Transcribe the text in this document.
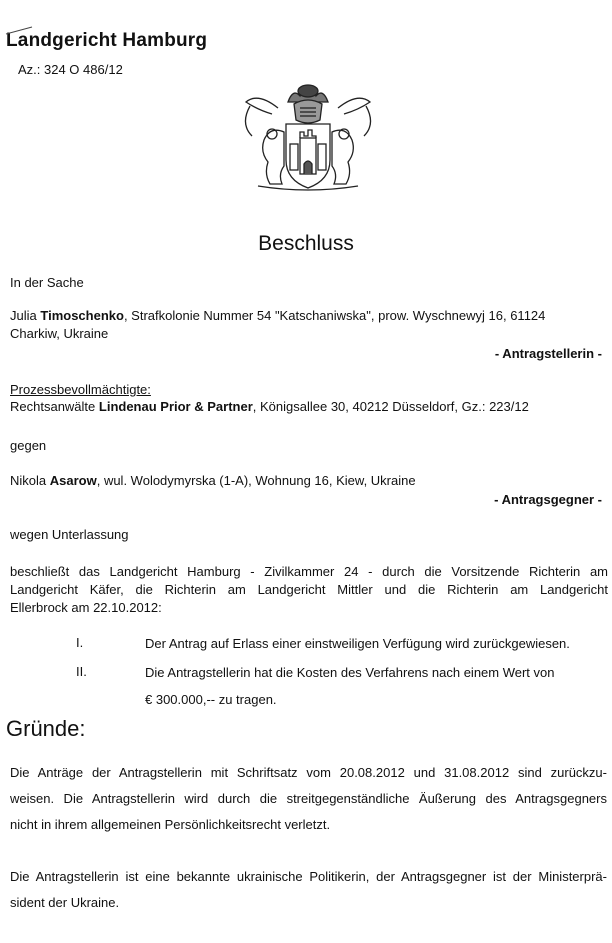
Landgericht Hamburg
Az.: 324 O 486/12
Beschluss
In der Sache
Julia Timoschenko, Strafkolonie Nummer 54 "Katschaniwska", prow. Wyschnewyj 16, 61124
Charkiw, Ukraine
- Antragstellerin -
Prozessbevollmächtigte:
Rechtsanwälte Lindenau Prior & Partner, Königsallee 30, 40212 Düsseldorf, Gz.: 223/12
gegen
Nikola Asarow, wul. Wolodymyrska (1-A), Wohnung 16, Kiew, Ukraine
- Antragsgegner -
wegen Unterlassung
beschließt das Landgericht Hamburg - Zivilkammer 24 - durch die Vorsitzende Richterin am
Landgericht Käfer, die Richterin am Landgericht Mittler und die Richterin am Landgericht
Ellerbrock am 22.10.2012:
I.	Der Antrag auf Erlass einer einstweiligen Verfügung wird zurückgewiesen.
II.	Die Antragstellerin hat die Kosten des Verfahrens nach einem Wert von
€ 300.000,-- zu tragen.
Gründe:
Die Anträge der Antragstellerin mit Schriftsatz vom 20.08.2012 und 31.08.2012 sind zurückzu-
weisen. Die Antragstellerin wird durch die streitgegenständliche Äußerung des Antragsgegners
nicht in ihrem allgemeinen Persönlichkeitsrecht verletzt.
Die Antragstellerin ist eine bekannte ukrainische Politikerin, der Antragsgegner ist der Ministerprä-
sident der Ukraine.
